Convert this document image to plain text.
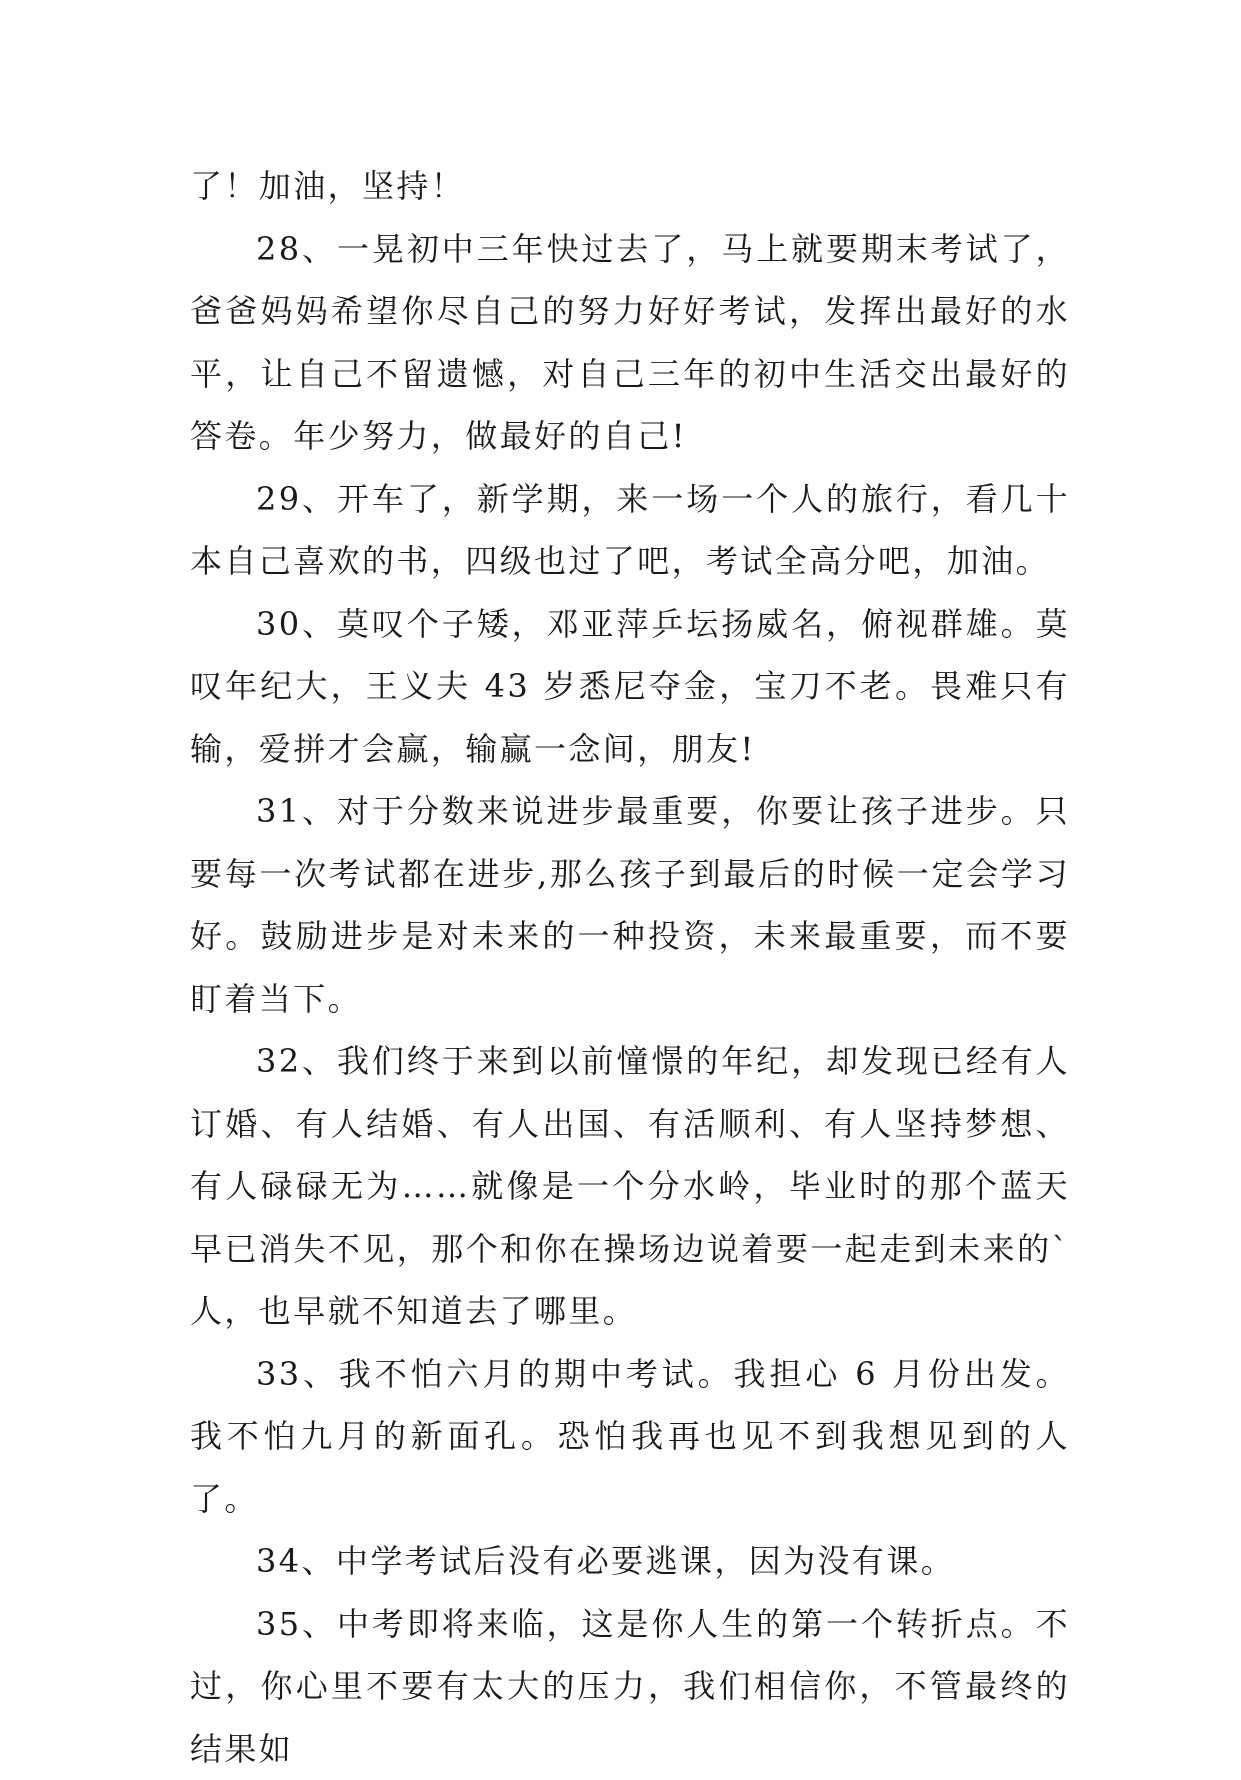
了！加油，坚持！

28、一晃初中三年快过去了，马上就要期末考试了，爸爸妈妈希望你尽自己的努力好好考试，发挥出最好的水平，让自己不留遗憾，对自己三年的初中生活交出最好的答卷。年少努力，做最好的自己!

29、开车了，新学期，来一场一个人的旅行，看几十本自己喜欢的书，四级也过了吧，考试全高分吧，加油。

30、莫叹个子矮，邓亚萍乒坛扬威名，俯视群雄。莫叹年纪大，王义夫 43 岁悉尼夺金，宝刀不老。畏难只有输，爱拼才会赢，输赢一念间，朋友!

31、对于分数来说进步最重要，你要让孩子进步。只要每一次考试都在进步,那么孩子到最后的时候一定会学习好。鼓励进步是对未来的一种投资，未来最重要，而不要盯着当下。

32、我们终于来到以前憧憬的年纪，却发现已经有人订婚、有人结婚、有人出国、有活顺利、有人坚持梦想、有人碌碌无为……就像是一个分水岭，毕业时的那个蓝天早已消失不见，那个和你在操场边说着要一起走到未来的`人，也早就不知道去了哪里。

33、我不怕六月的期中考试。我担心 6 月份出发。我不怕九月的新面孔。恐怕我再也见不到我想见到的人了。

34、中学考试后没有必要逃课，因为没有课。

35、中考即将来临，这是你人生的第一个转折点。不过，你心里不要有太大的压力，我们相信你，不管最终的结果如
